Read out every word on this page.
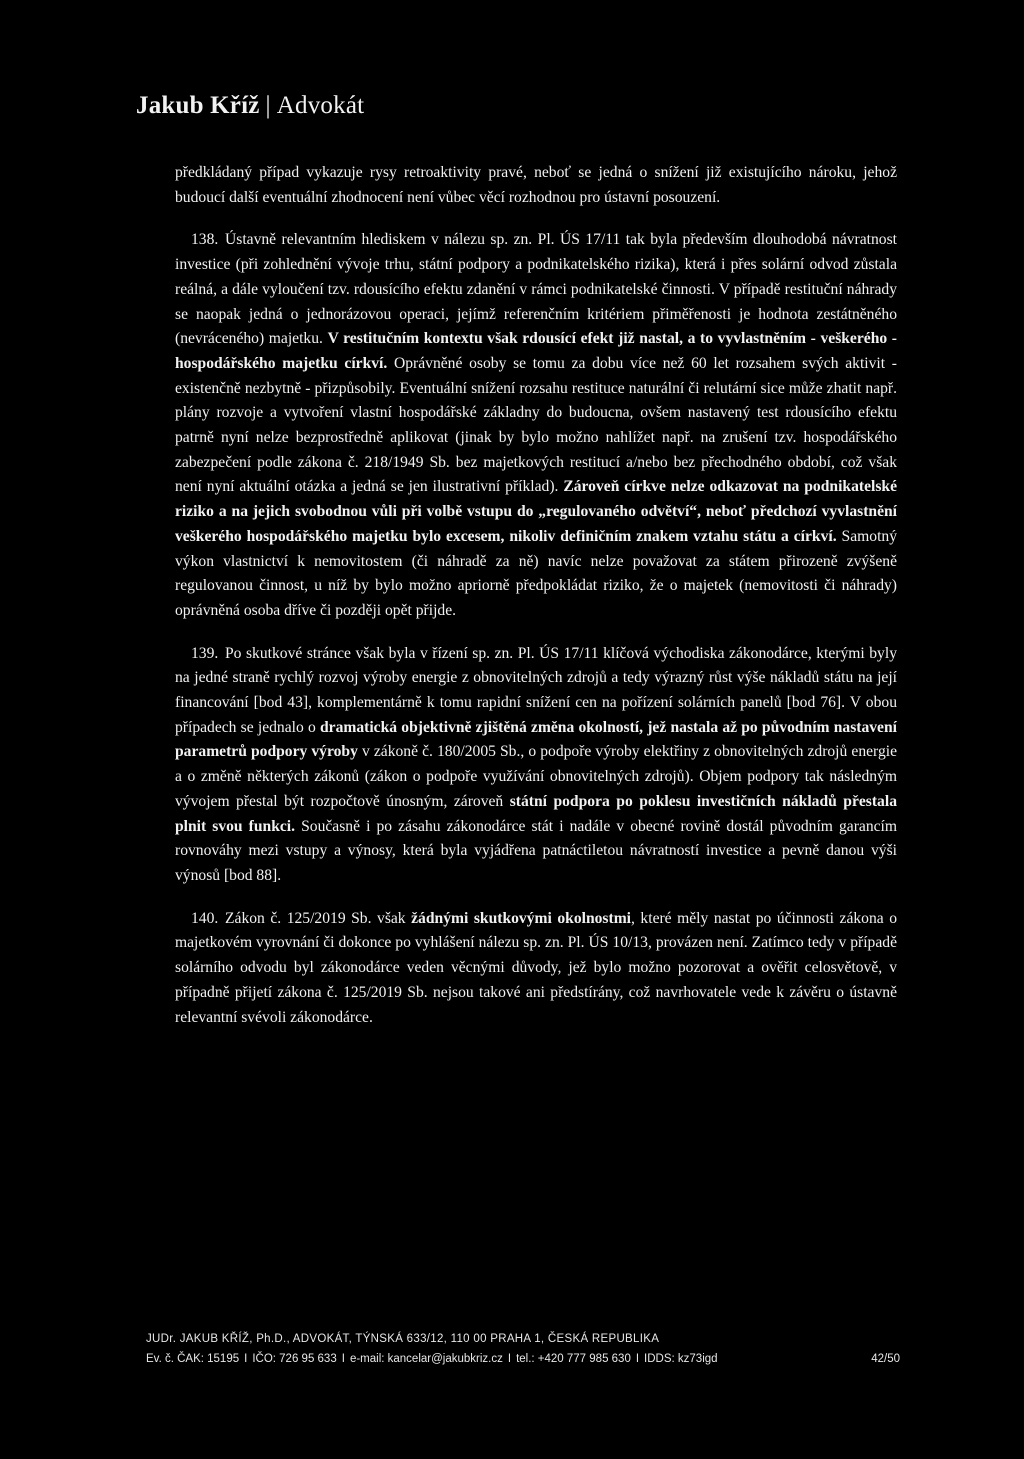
Jakub Kříž | Advokát

předkládaný případ vykazuje rysy retroaktivity pravé, neboť se jedná o snížení již existujícího nároku, jehož budoucí další eventuální zhodnocení není vůbec věcí rozhodnou pro ústavní posouzení.

138. Ústavně relevantním hlediskem v nálezu sp. zn. Pl. ÚS 17/11 tak byla především dlouhodobá návratnost investice (při zohlednění vývoje trhu, státní podpory a podnikatelského rizika), která i přes solární odvod zůstala reálná, a dále vyloučení tzv. rdousícího efektu zdanění v rámci podnikatelské činnosti. V případě restituční náhrady se naopak jedná o jednorázovou operaci, jejímž referenčním kritériem přiměřenosti je hodnota zestátněného (nevráceného) majetku. V restitučním kontextu však rdousící efekt již nastal, a to vyvlastněním - veškerého - hospodářského majetku církví. Oprávněné osoby se tomu za dobu více než 60 let rozsahem svých aktivit - existenčně nezbytně - přizpůsobily. Eventuální snížení rozsahu restituce naturální či relutární sice může zhatit např. plány rozvoje a vytvoření vlastní hospodářské základny do budoucna, ovšem nastavený test rdousícího efektu patrně nyní nelze bezprostředně aplikovat (jinak by bylo možno nahlížet např. na zrušení tzv. hospodářského zabezpečení podle zákona č. 218/1949 Sb. bez majetkových restitucí a/nebo bez přechodného období, což však není nyní aktuální otázka a jedná se jen ilustrativní příklad). Zároveň církve nelze odkazovat na podnikatelské riziko a na jejich svobodnou vůli při volbě vstupu do „regulovaného odvětví“, neboť předchozí vyvlastnění veškerého hospodářského majetku bylo excesem, nikoliv definičním znakem vztahu státu a církví. Samotný výkon vlastnictví k nemovitostem (či náhradě za ně) navíc nelze považovat za státem přirozeně zvýšeně regulovanou činnost, u níž by bylo možno apriorně předpokládat riziko, že o majetek (nemovitosti či náhrady) oprávněná osoba dříve či později opět přijde.

139. Po skutkové stránce však byla v řízení sp. zn. Pl. ÚS 17/11 klíčová východiska zákonodárce, kterými byly na jedné straně rychlý rozvoj výroby energie z obnovitelných zdrojů a tedy výrazný růst výše nákladů státu na její financování [bod 43], komplementárně k tomu rapidní snížení cen na pořízení solárních panelů [bod 76]. V obou případech se jednalo o dramatická objektivně zjištěná změna okolností, jež nastala až po původním nastavení parametrů podpory výroby v zákoně č. 180/2005 Sb., o podpoře výroby elektřiny z obnovitelných zdrojů energie a o změně některých zákonů (zákon o podpoře využívání obnovitelných zdrojů). Objem podpory tak následným vývojem přestal být rozpočtově únosným, zároveň státní podpora po poklesu investičních nákladů přestala plnit svou funkci. Současně i po zásahu zákonodárce stát i nadále v obecné rovině dostál původním garancím rovnováhy mezi vstupy a výnosy, která byla vyjádřena patnáctiletou návratností investice a pevně danou výši výnosů [bod 88].

140. Zákon č. 125/2019 Sb. však žádnými skutkovými okolnostmi, které měly nastat po účinnosti zákona o majetkovém vyrovnání či dokonce po vyhlášení nálezu sp. zn. Pl. ÚS 10/13, provázen není. Zatímco tedy v případě solárního odvodu byl zákonodárce veden věcnými důvody, jež bylo možno pozorovat a ověřit celosvětově, v případně přijetí zákona č. 125/2019 Sb. nejsou takové ani předstírány, což navrhovatele vede k závěru o ústavně relevantní svévoli zákonodárce.

JUDr. JAKUB KŘÍŽ, Ph.D., ADVOKÁT, TÝNSKÁ 633/12, 110 00 PRAHA 1, ČESKÁ REPUBLIKA
Ev. č. ČAK: 15195 I IČO: 726 95 633 I e-mail: kancelar@jakubkriz.cz I tel.: +420 777 985 630 I IDDS: kz73igd	42/50
